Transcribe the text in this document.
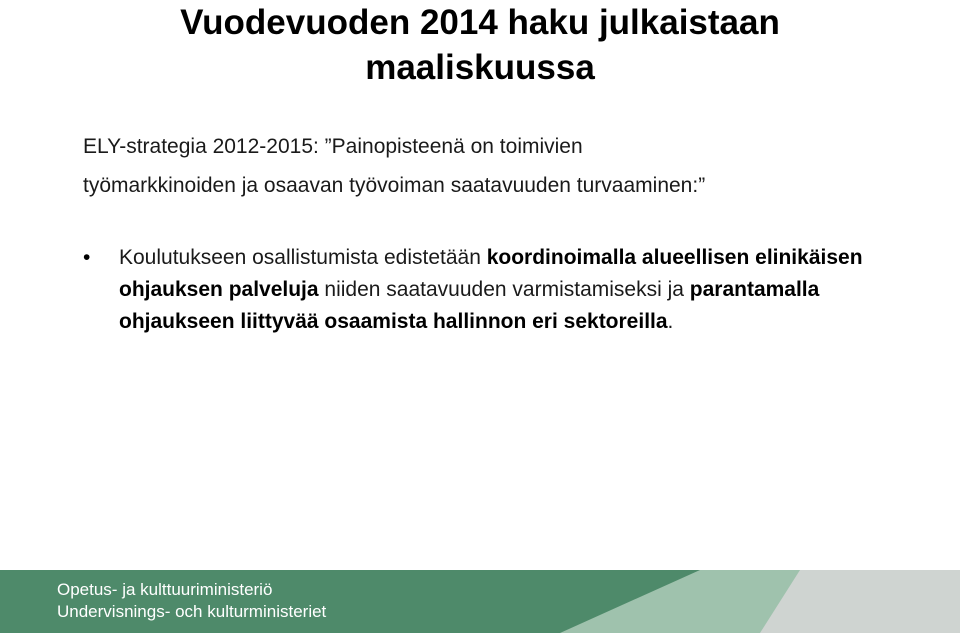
Vuodevuoden 2014 haku julkaistaan
maaliskuussa
ELY-strategia 2012-2015: ”Painopisteenä on toimivien
työmarkkinoiden ja osaavan työvoiman saatavuuden turvaaminen:”
• Koulutukseen osallistumista edistetään koordinoimalla alueellisen elinikäisen ohjauksen palveluja niiden saatavuuden varmistamiseksi ja parantamalla ohjaukseen liittyvää osaamista hallinnon eri sektoreilla.
Opetus- ja kulttuuriministeriö
Undervisnings- och kulturministeriet
